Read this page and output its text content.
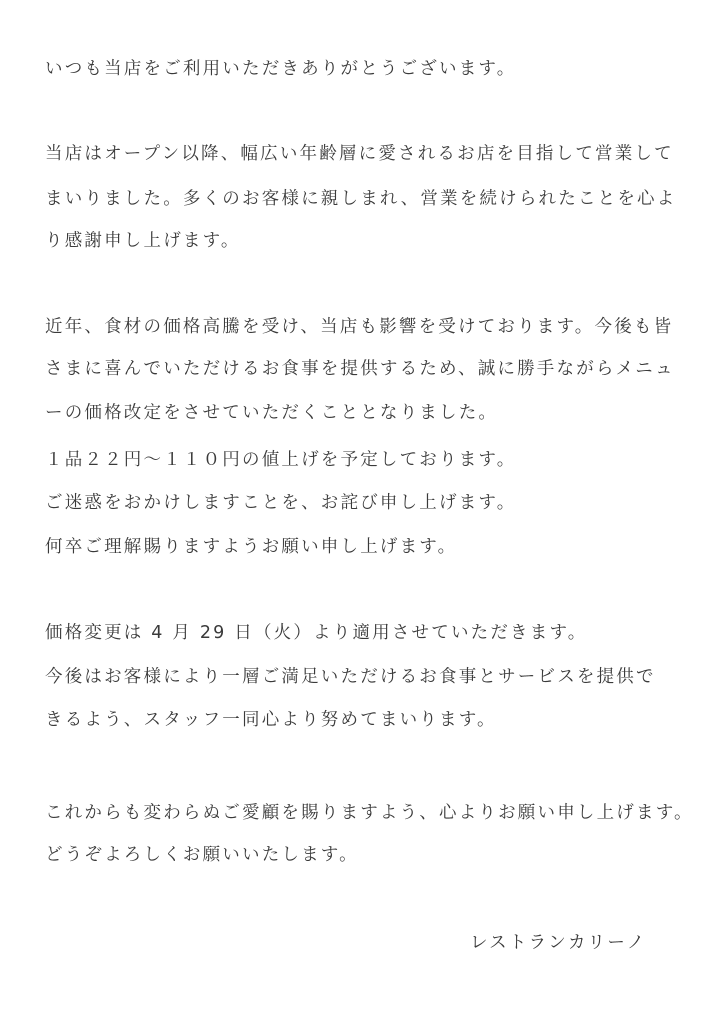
いつも当店をご利用いただきありがとうございます。
当店はオープン以降、幅広い年齢層に愛されるお店を目指して営業して
まいりました。多くのお客様に親しまれ、営業を続けられたことを心よ
り感謝申し上げます。
近年、食材の価格高騰を受け、当店も影響を受けております。今後も皆
さまに喜んでいただけるお食事を提供するため、誠に勝手ながらメニュ
ーの価格改定をさせていただくこととなりました。
１品２２円〜１１０円の値上げを予定しております。
ご迷惑をおかけしますことを、お詫び申し上げます。
何卒ご理解賜りますようお願い申し上げます。
価格変更は 4 月 29 日（火）より適用させていただきます。
今後はお客様により一層ご満足いただけるお食事とサービスを提供で
きるよう、スタッフ一同心より努めてまいります。
これからも変わらぬご愛顧を賜りますよう、心よりお願い申し上げます。
どうぞよろしくお願いいたします。
レストランカリーノ
